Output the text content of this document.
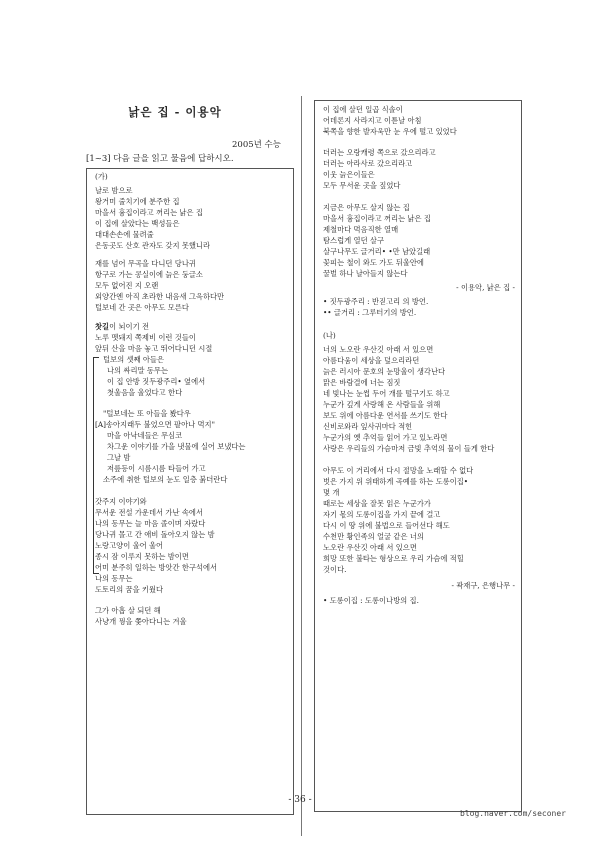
낡은 집 - 이용악
2005년 수능
[1~3] 다음 글을 읽고 물음에 답하시오.
(가)
날로 밤으로
왕거미 줄치기에 분주한 집
마을서 흉집이라고 꺼리는 낡은 집
이 집에 살았다는 백성들은
대대손손에 물려줄
은동곳도 산호 관자도 갖지 못했니라
재를 넘어 무곡을 다니던 당나귀
항구로 가는 콩실이에 늙은 둥글소
모두 없어진 지 오랜
외양간엔 아직 초라한 내음새 그윽하다만
털보네 간 곳은 아무도 모른다
찻길이 뇌이기 전
노루 멧돼지 쪽제비 이런 것들이
앞뒤 산을 마음 놓고 뛰어다니던 시절
털보의 셋째 아들은
나의 싸리말 동무는
이 집 안방 짓두광주리• 옆에서
첫울음을 울었다고 한다
"털보네는 또 아들을 봤다우
[A]송아지래두 불었으면 팔아나 먹지"
마을 아낙네들은 무심코
차그운 이야기를 가을 냇물에 실어 보냈다는
그날 밤
저릎등이 시름시름 타들어 가고
소주에 취한 털보의 눈도 일층 붉더란다
갓주지 이야기와
무서운 전설 가운데서 가난 속에서
나의 동무는 늘 마음 졸이며 자랐다
당나귀 몰고 간 애비 돌아오지 않는 밤
노랑고양이 울어 울어
종시 잠 이루지 못하는 밤이면
어미 분주히 일하는 방앗간 한구석에서
나의 동무는
도토리의 꿈을 키웠다
그가 아홉 살 되던 해
사냥개 꿩을 쫓아다니는 겨울
이 집에 살던 일곱 식솔이
어데론지 사라지고 이튿날 아침
북쪽을 향한 발자욱만 눈 우에 떨고 있었다
더러는 오랑캐령 쪽으로 갔으리라고
더러는 아라사로 갔으리라고
이웃 늙은이들은
모두 무서운 곳을 짚었다
지금은 아무도 살지 않는 집
마을서 흉집이라고 꺼리는 낡은 집
제철마다 먹음직한 열매
탐스럽게 열던 살구
살구나무도 글거리• •만 남았길래
꽃피는 철이 와도 가도 뒤울안에
꿀벌 하나 날아들지 않는다
- 이용악, 낡은 집 -
• 짓두광주리 : 반짇고리 의 방언.
•• 글거리 : 그루터기의 방언.
(나)
너의 노오란 우산깃 아래 서 있으면
아름다움이 세상을 덮으리라던
늙은 러시아 문호의 눈망울이 생각난다
맑은 바람결에 너는 짐짓
네 빛나는 눈썹 두어 개를 떨구기도 하고
누군가 깊게 사랑해 온 사람들을 위해
보도 위에 아름다운 연서를 쓰기도 한다
신비로와라 잎사귀마다 적힌
누군가의 옛 추억들 읽어 가고 있노라면
사랑은 우리들의 가슴마저 금빛 추억의 물이 들게 한다
아무도 이 거리에서 다시 절망을 노래할 수 없다
벗은 가지 위 위태하게 곡예를 하는 도롱이집•
몇 개
때로는 세상을 잘못 읽은 누군가가
자기 몫의 도롱이집을 가지 끝에 걸고
다시 이 땅 위에 불법으로 들어선다 해도
수천만 황인족의 얼굴 같은 너의
노오란 우산깃 아래 서 있으면
희망 또한 불타는 형상으로 우리 가슴에 적힐
것이다.
- 곽재구, 은행나무 -
• 도롱이집 : 도롱이나방의 집.
- 36 -
blog.naver.com/seconer
